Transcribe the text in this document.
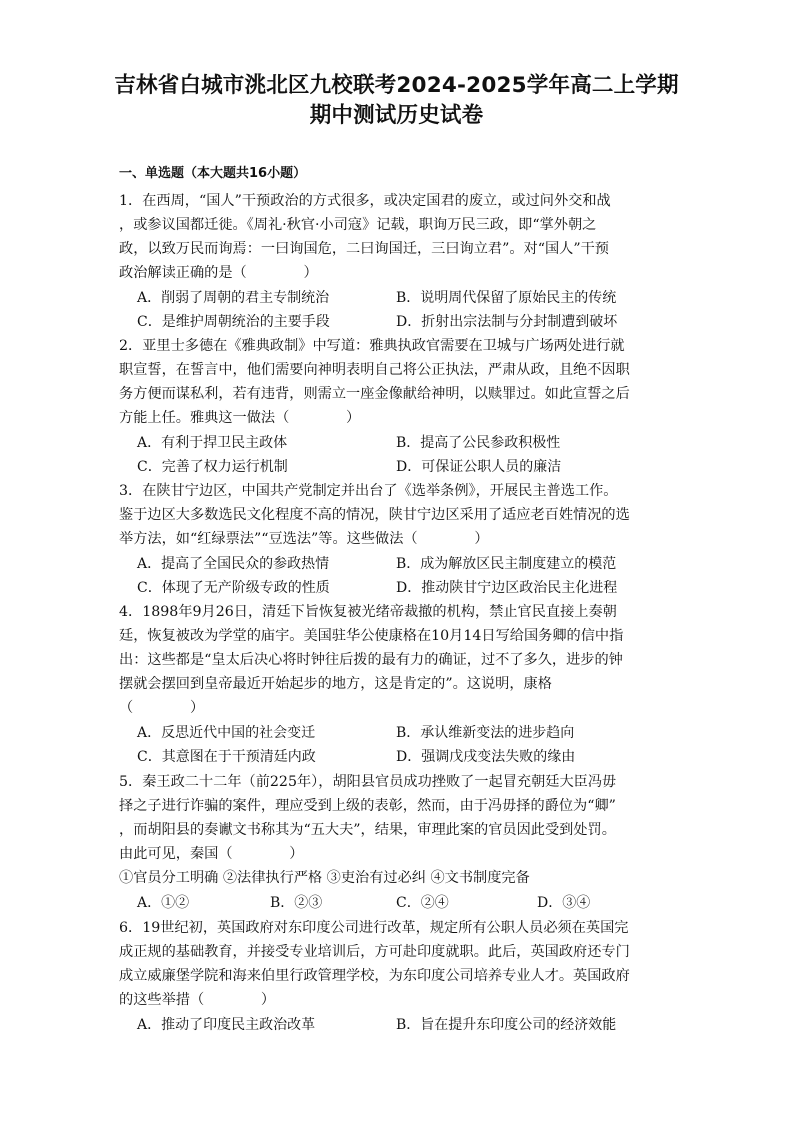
吉林省白城市洮北区九校联考2024-2025学年高二上学期
期中测试历史试卷
一、单选题（本大题共16小题）
1．在西周，“国人”干预政治的方式很多，或决定国君的废立，或过问外交和战
，或参议国都迁徙。《周礼·秋官·小司寇》记载，职询万民三政，即“掌外朝之
政，以致万民而询焉：一曰询国危，二曰询国迁，三曰询立君”。对“国人”干预
政治解读正确的是（　　　　）
A．削弱了周朝的君主专制统治	B．说明周代保留了原始民主的传统
C．是维护周朝统治的主要手段	D．折射出宗法制与分封制遭到破坏
2．亚里士多德在《雅典政制》中写道：雅典执政官需要在卫城与广场两处进行就
职宣誓，在誓言中，他们需要向神明表明自己将公正执法，严肃从政，且绝不因职
务方便而谋私利，若有违背，则需立一座金像献给神明，以赎罪过。如此宣誓之后
方能上任。雅典这一做法（　　　　）
A．有利于捍卫民主政体	B．提高了公民参政积极性
C．完善了权力运行机制	D．可保证公职人员的廉洁
3．在陕甘宁边区，中国共产党制定并出台了《选举条例》，开展民主普选工作。
鉴于边区大多数选民文化程度不高的情况，陕甘宁边区采用了适应老百姓情况的选
举方法，如“红绿票法”“豆选法”等。这些做法（　　　　）
A．提高了全国民众的参政热情	B．成为解放区民主制度建立的模范
C．体现了无产阶级专政的性质	D．推动陕甘宁边区政治民主化进程
4．1898年9月26日，清廷下旨恢复被光绪帝裁撤的机构，禁止官民直接上奏朝
廷，恢复被改为学堂的庙宇。美国驻华公使康格在10月14日写给国务卿的信中指
出：这些都是“皇太后决心将时钟往后拨的最有力的确证，过不了多久，进步的钟
摆就会摆回到皇帝最近开始起步的地方，这是肯定的”。这说明，康格
（　　　　）
A．反思近代中国的社会变迁	B．承认维新变法的进步趋向
C．其意图在于干预清廷内政	D．强调戊戌变法失败的缘由
5．秦王政二十二年（前225年），胡阳县官员成功挫败了一起冒充朝廷大臣冯毋
择之子进行诈骗的案件，理应受到上级的表彰，然而，由于冯毋择的爵位为“卿”
，而胡阳县的奏谳文书称其为“五大夫”，结果，审理此案的官员因此受到处罚。
由此可见，秦国（　　　　）
①官员分工明确 ②法律执行严格 ③吏治有过必纠 ④文书制度完备
A．①②	B．②③	C．②④	D．③④
6．19世纪初，英国政府对东印度公司进行改革，规定所有公职人员必须在英国完
成正规的基础教育，并接受专业培训后，方可赴印度就职。此后，英国政府还专门
成立威廉堡学院和海来伯里行政管理学校，为东印度公司培养专业人才。英国政府
的这些举措（　　　　）
A．推动了印度民主政治改革	B．旨在提升东印度公司的经济效能
